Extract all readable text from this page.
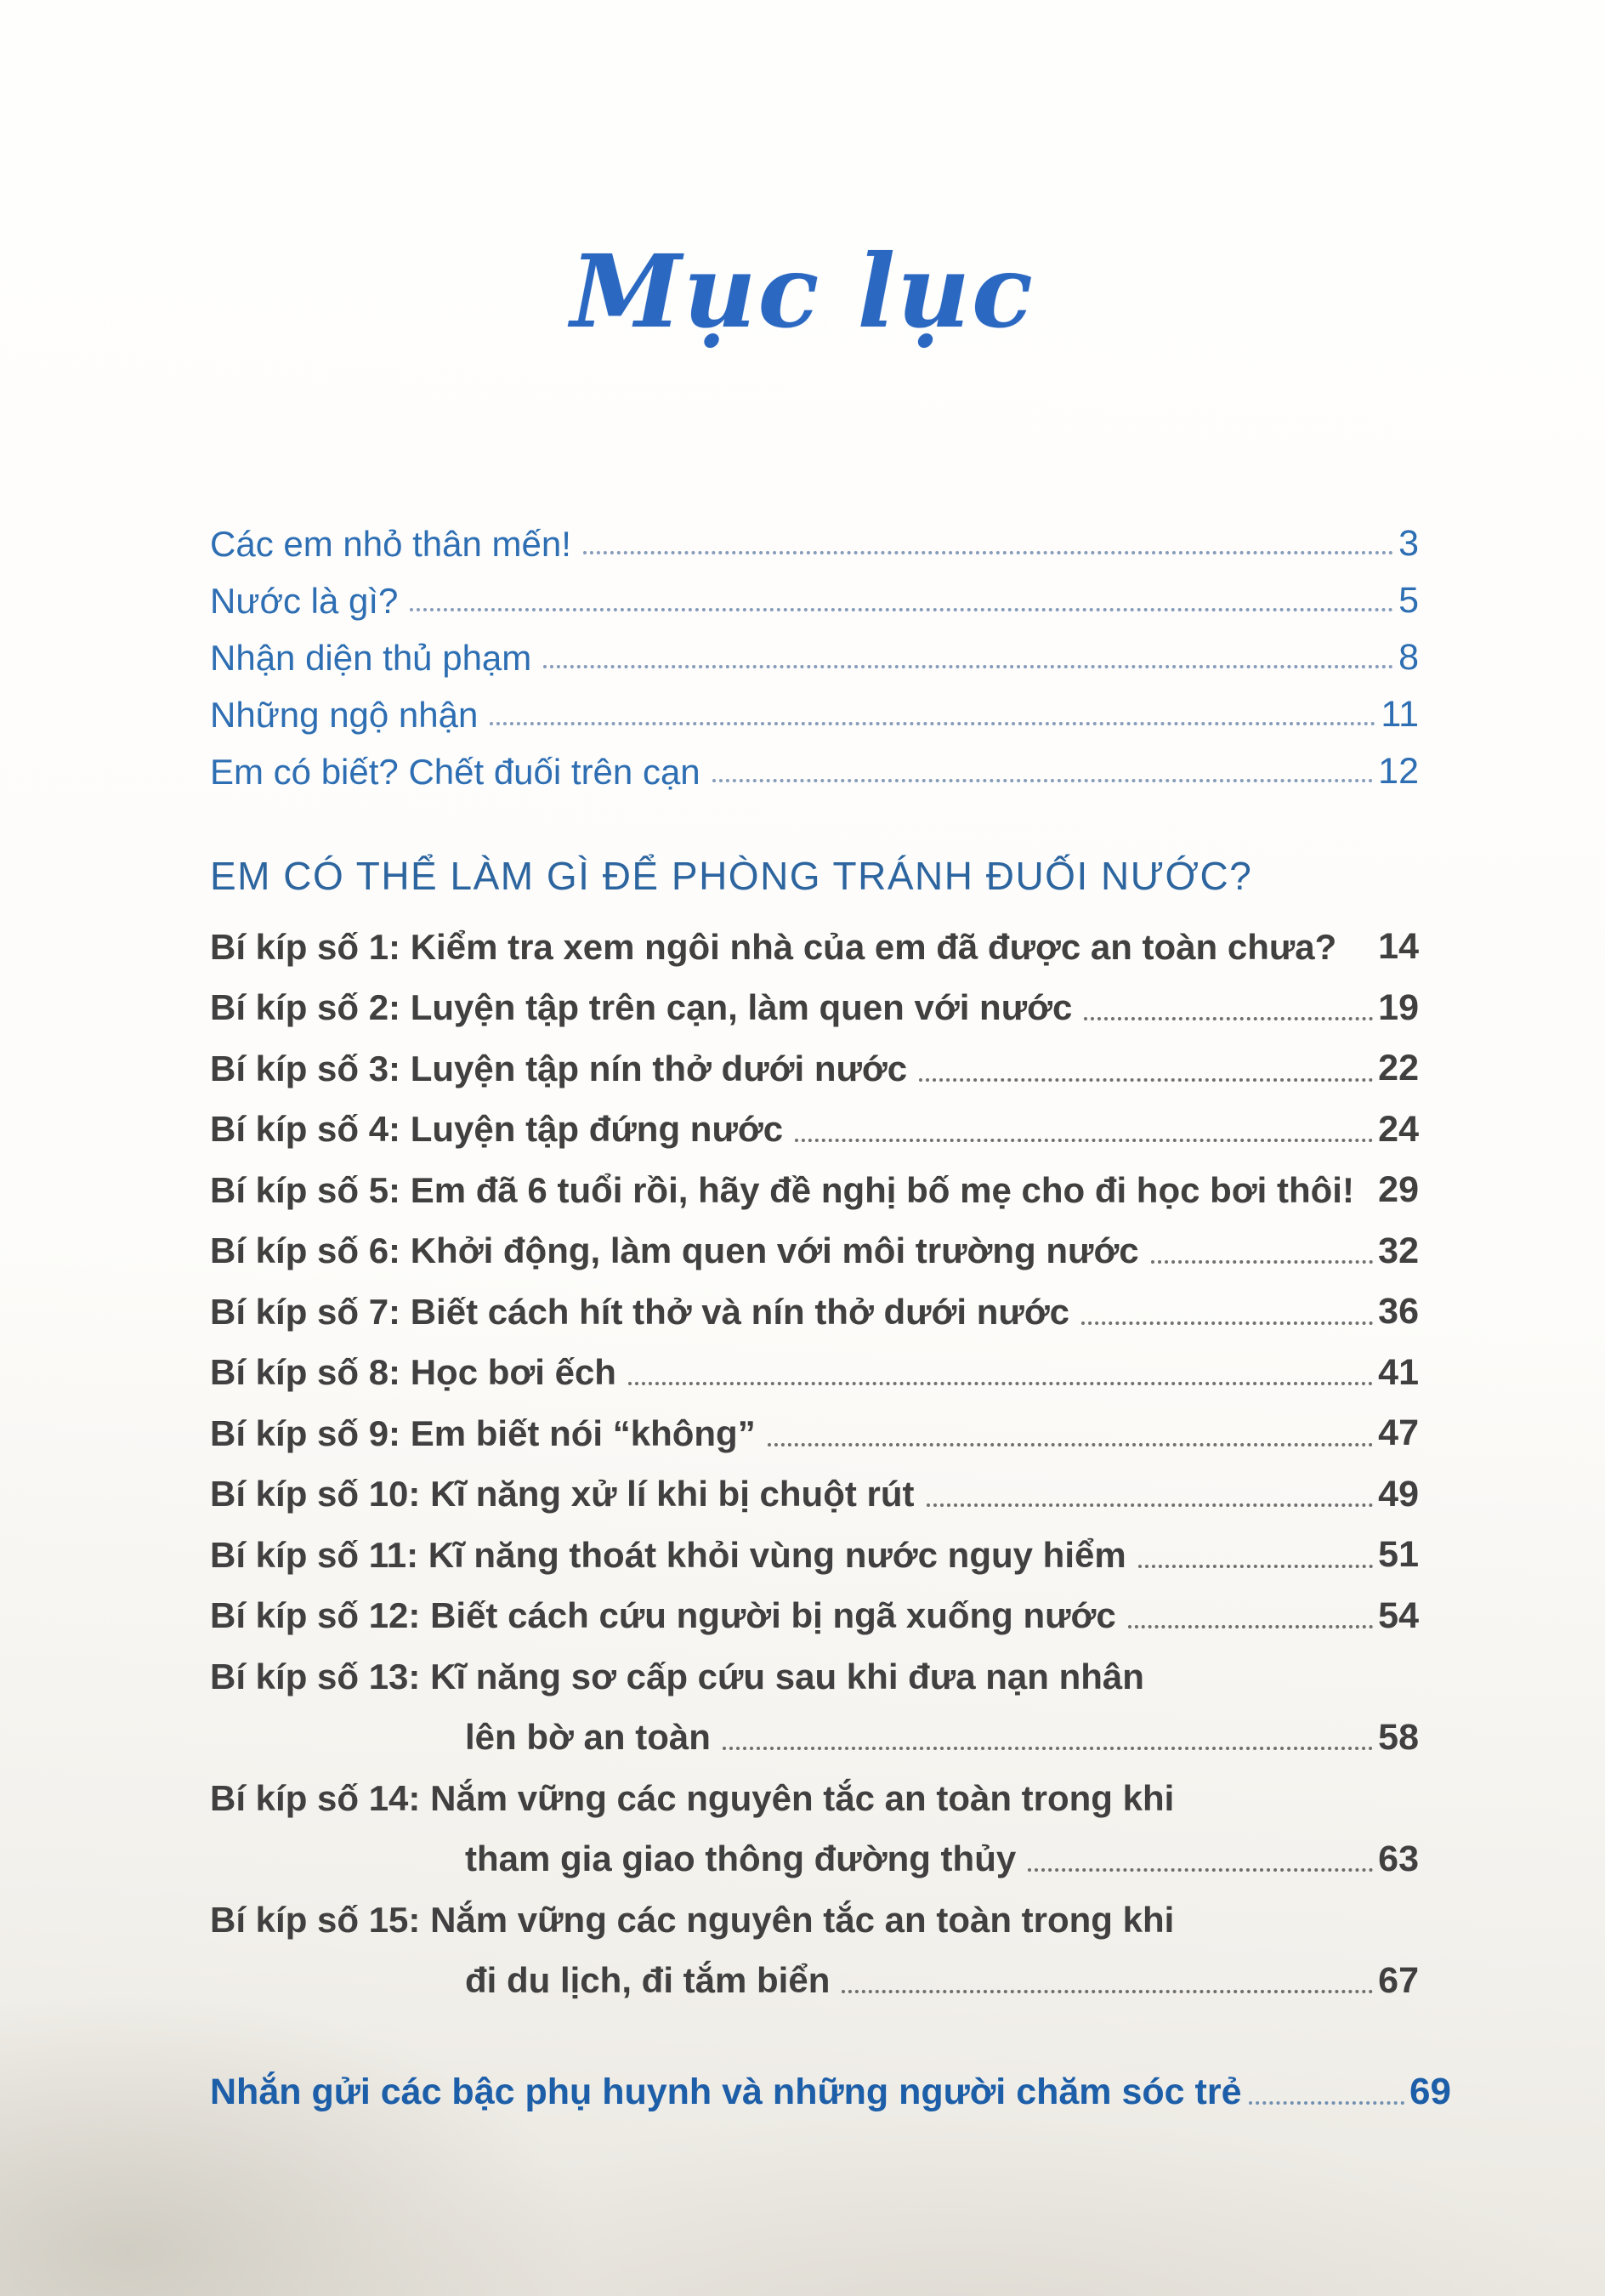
Mục lục
Các em nhỏ thân mến!	3
Nước là gì?	5
Nhận diện thủ phạm	8
Những ngộ nhận	11
Em có biết? Chết đuối trên cạn	12
EM CÓ THỂ LÀM GÌ ĐỂ PHÒNG TRÁNH ĐUỐI NƯỚC?
Bí kíp số 1: Kiểm tra xem ngôi nhà của em đã được an toàn chưa? 14
Bí kíp số 2: Luyện tập trên cạn, làm quen với nước	19
Bí kíp số 3: Luyện tập nín thở dưới nước	22
Bí kíp số 4: Luyện tập đứng nước	24
Bí kíp số 5: Em đã 6 tuổi rồi, hãy đề nghị bố mẹ cho đi học bơi thôi! 29
Bí kíp số 6: Khởi động, làm quen với môi trường nước	32
Bí kíp số 7: Biết cách hít thở và nín thở dưới nước	36
Bí kíp số 8: Học bơi ếch	41
Bí kíp số 9: Em biết nói “không”	47
Bí kíp số 10: Kĩ năng xử lí khi bị chuột rút	49
Bí kíp số 11: Kĩ năng thoát khỏi vùng nước nguy hiểm	51
Bí kíp số 12: Biết cách cứu người bị ngã xuống nước	54
Bí kíp số 13: Kĩ năng sơ cấp cứu sau khi đưa nạn nhân
lên bờ an toàn	58
Bí kíp số 14: Nắm vững các nguyên tắc an toàn trong khi
tham gia giao thông đường thủy	63
Bí kíp số 15: Nắm vững các nguyên tắc an toàn trong khi
đi du lịch, đi tắm biển	67
Nhắn gửi các bậc phụ huynh và những người chăm sóc trẻ	69
